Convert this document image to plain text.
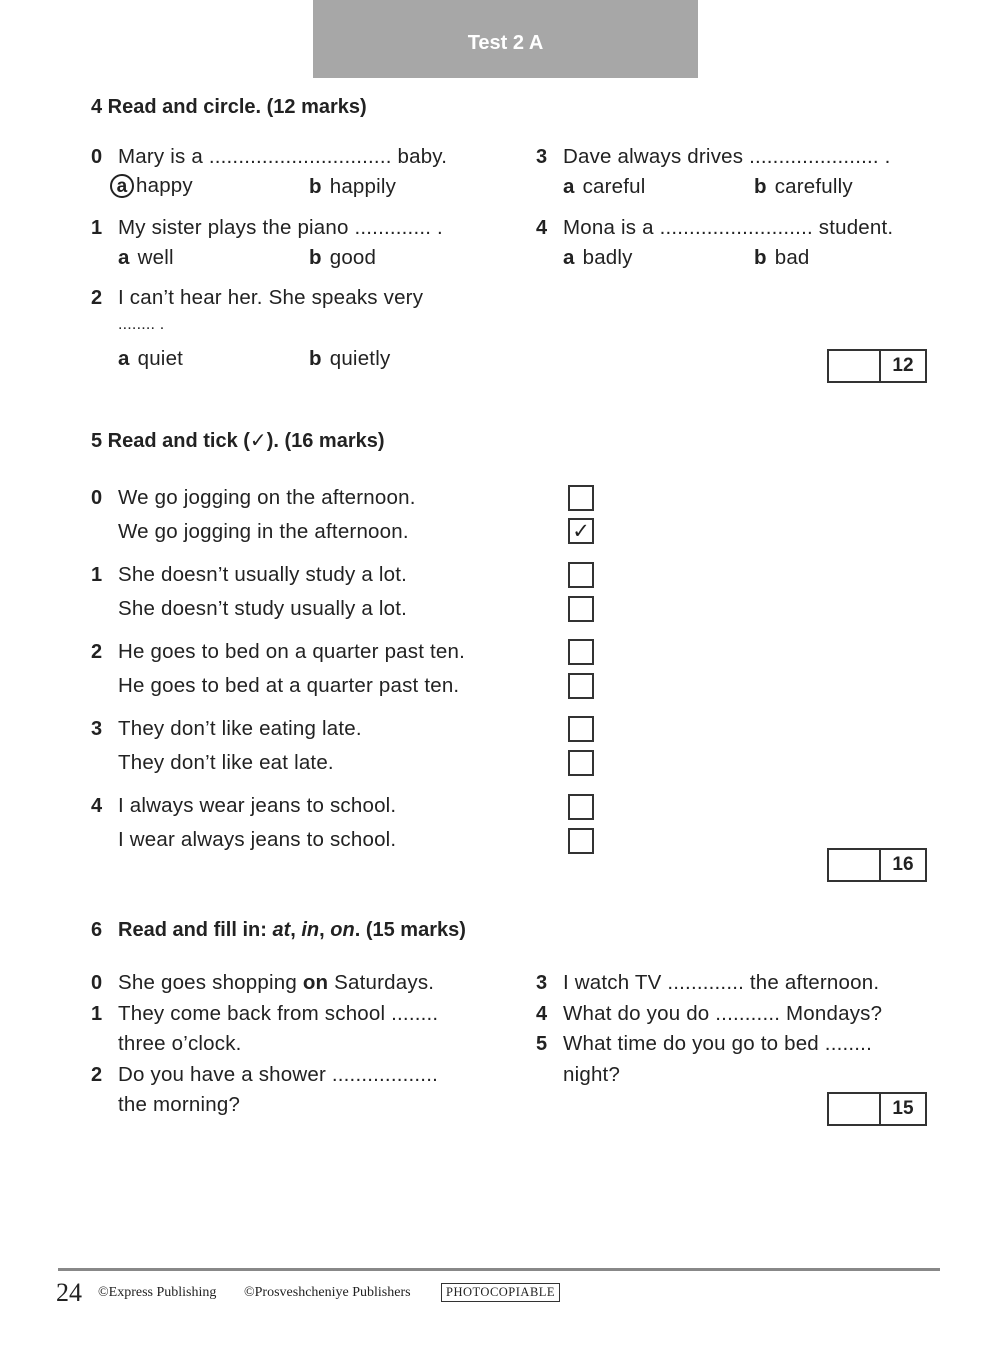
Test 2 A
4 Read and circle. (12 marks)
0 Mary is a ............................... baby.
a happy	b happily
1 My sister plays the piano ............. .
a well	b good
2 I can’t hear her. She speaks very
........ .
a quiet	b quietly
3 Dave always drives ...................... .
a careful	b carefully
4 Mona is a .......................... student.
a badly	b bad
12
5 Read and tick (✓). (16 marks)
0 We go jogging on the afternoon.
We go jogging in the afternoon.	✓
1 She doesn’t usually study a lot.
She doesn’t study usually a lot.
2 He goes to bed on a quarter past ten.
He goes to bed at a quarter past ten.
3 They don’t like eating late.
They don’t like eat late.
4 I always wear jeans to school.
I wear always jeans to school.
16
6 Read and fill in: at, in, on. (15 marks)
0 She goes shopping on Saturdays.
1 They come back from school ........
three o’clock.
2 Do you have a shower ..................
the morning?
3 I watch TV ............. the afternoon.
4 What do you do ........... Mondays?
5 What time do you go to bed ........
night?
15
24 ©Express Publishing ©Prosveshcheniye Publishers	PHOTOCOPIABLE
